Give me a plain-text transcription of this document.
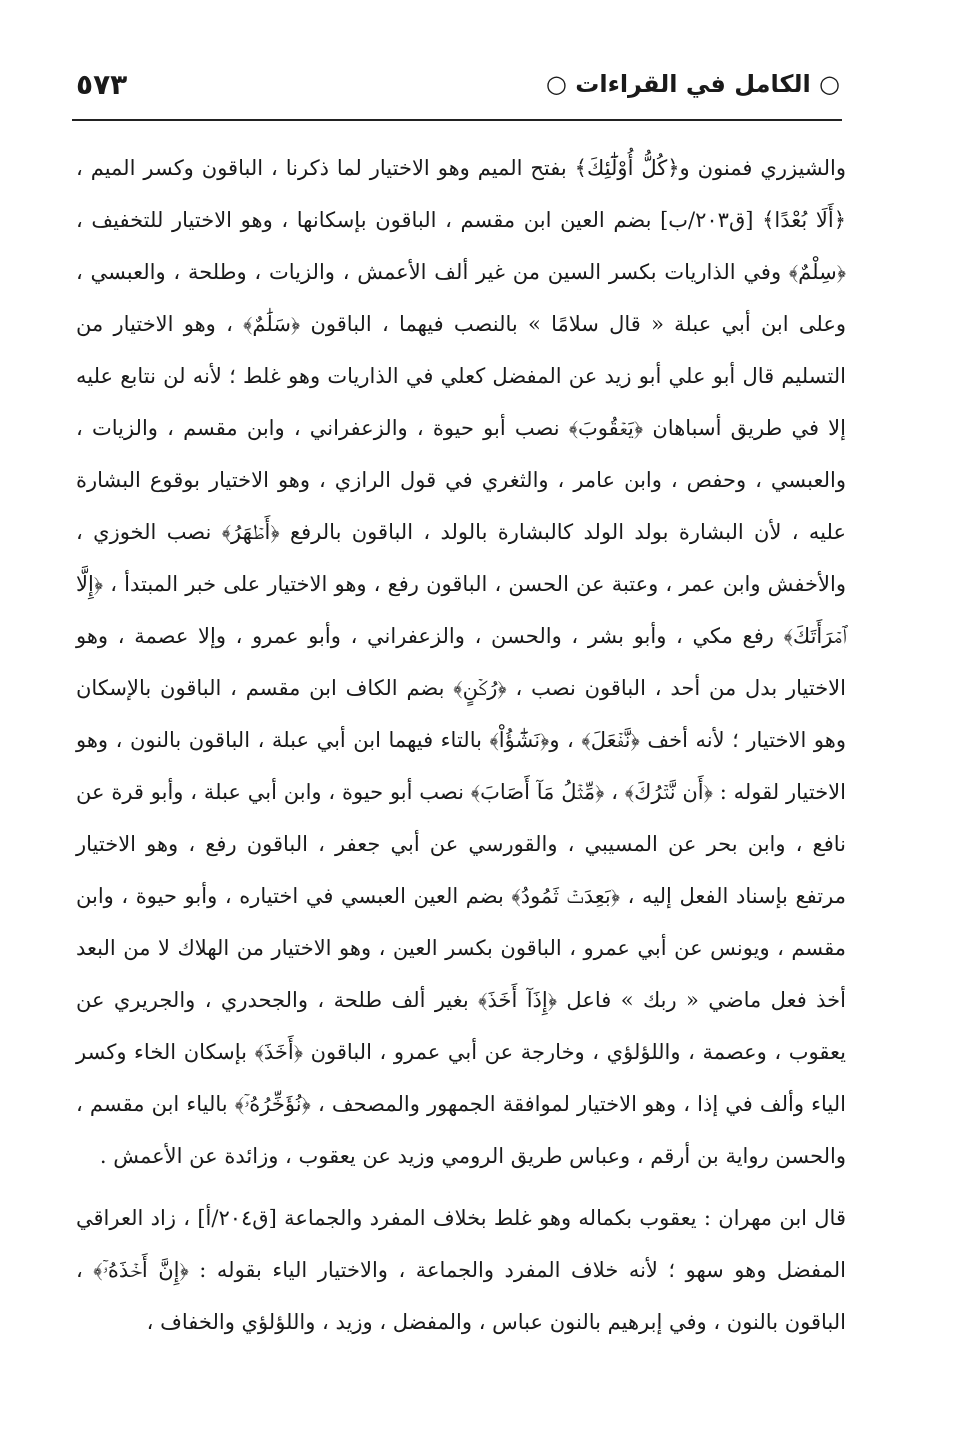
○ الكامل في القراءات ○
٥٧٣

والشيزري فمنون و﴿كُلُّ أُوْلَٰٓئِكَ﴾ بفتح الميم وهو الاختيار لما ذكرنا ، الباقون وكسر الميم ، ﴿أَلَا بُعْدًا﴾ [ق٢٠٣/ب] بضم العين ابن مقسم ، الباقون بإسكانها ، وهو الاختيار للتخفيف ، ﴿سِلْمٌ﴾ وفي الذاريات بكسر السين من غير ألف الأعمش ، والزيات ، وطلحة ، والعبسي ، وعلى ابن أبي عبلة « قال سلامًا » بالنصب فيهما ، الباقون ﴿سَلَٰمٌ﴾ ، وهو الاختيار من التسليم قال أبو علي أبو زيد عن المفضل كعلي في الذاريات وهو غلط ؛ لأنه لن نتابع عليه إلا في طريق أسباهان ﴿يَعۡقُوبَ﴾ نصب أبو حيوة ، والزعفراني ، وابن مقسم ، والزيات ، والعبسي ، وحفص ، وابن عامر ، والثغري في قول الرازي ، وهو الاختيار بوقوع البشارة عليه ، لأن البشارة بولد الولد كالبشارة بالولد ، الباقون بالرفع ﴿أَطۡهَرُ﴾ نصب الخوزي ، والأخفش وابن عمر ، وعتبة عن الحسن ، الباقون رفع ، وهو الاختيار على خبر المبتدأ ، ﴿إِلَّا ٱمۡرَأَتَكَ﴾ رفع مكي ، وأبو بشر ، والحسن ، والزعفراني ، وأبو عمرو ، وإلا عصمة ، وهو الاختيار بدل من أحد ، الباقون نصب ، ﴿رُكۡنٍ﴾ بضم الكاف ابن مقسم ، الباقون بالإسكان وهو الاختيار ؛ لأنه أخف ﴿نَّفۡعَلَ﴾ ، و﴿نَشَٰٓؤُاْ﴾ بالتاء فيهما ابن أبي عبلة ، الباقون بالنون ، وهو الاختيار لقوله : ﴿أَن نَّتۡرُكَ﴾ ، ﴿مِّثۡلُ مَآ أَصَابَ﴾ نصب أبو حيوة ، وابن أبي عبلة ، وأبو قرة عن نافع ، وابن بحر عن المسيبي ، والقورسي عن أبي جعفر ، الباقون رفع ، وهو الاختيار مرتفع بإسناد الفعل إليه ، ﴿بَعِدَتۡ ثَمُودُ﴾ بضم العين العبسي في اختياره ، وأبو حيوة ، وابن مقسم ، ويونس عن أبي عمرو ، الباقون بكسر العين ، وهو الاختيار من الهلاك لا من البعد أخذ فعل ماضي « ربك » فاعل ﴿إِذَآ أَخَذَ﴾ بغير ألف طلحة ، والجحدري ، والجريري عن يعقوب ، وعصمة ، واللؤلؤي ، وخارجة عن أبي عمرو ، الباقون ﴿أَخَذَ﴾ بإسكان الخاء وكسر الياء وألف في إذا ، وهو الاختيار لموافقة الجمهور والمصحف ، ﴿نُؤَخِّرُهُۥٓ﴾ بالياء ابن مقسم ، والحسن رواية بن أرقم ، وعباس طريق الرومي وزيد عن يعقوب ، وزائدة عن الأعمش .

قال ابن مهران : يعقوب بكماله وهو غلط بخلاف المفرد والجماعة [ق٢٠٤/أ] ، زاد العراقي المفضل وهو سهو ؛ لأنه خلاف المفرد والجماعة ، والاختيار الياء بقوله : ﴿إِنَّ أَخۡذَهُۥٓ﴾ ، الباقون بالنون ، وفي إبرهيم بالنون عباس ، والمفضل ، وزيد ، واللؤلؤي والخفاف ،
